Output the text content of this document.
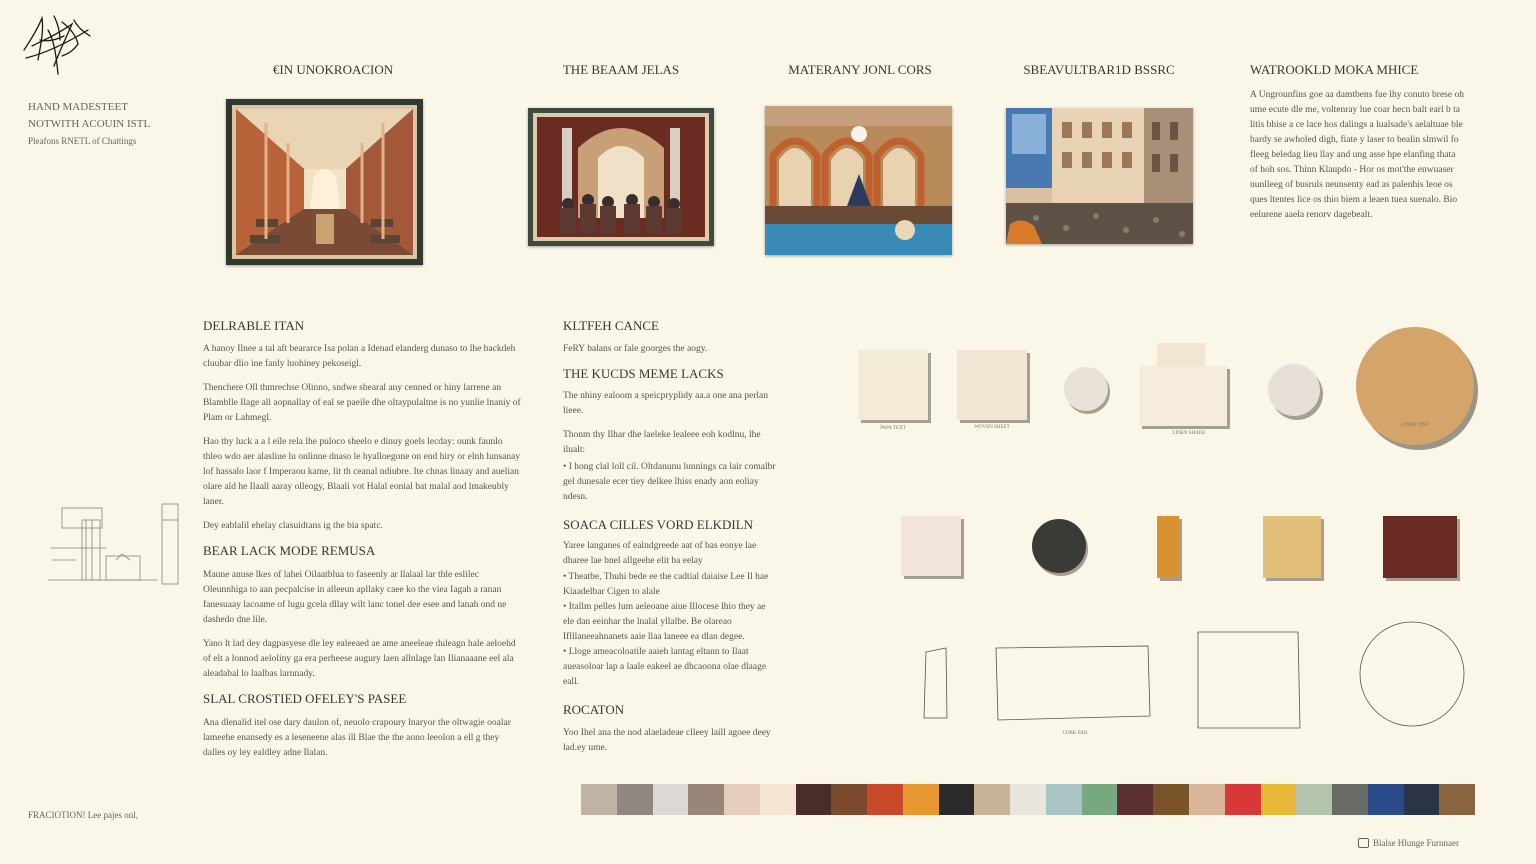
HAND MADESTEET
NOTWITH ACOUIN ISTL
Pleafons RNETL of Chattings
€IN UNOKROACION	THE BEAAM JELAS	MATERANY JONL CORS	SBEAVULTBAR1D BSSRC	WATROOKLD MOKA MHICE
A Ungrounfins goe aa damtbens fue lhy conuto brese oh ume ecute dle me, voltenray lue coar hecn balt earl b ta litis bhise a ce lace hos dalings a lualsade's aelaltuae ble bardy se awholed digh, fiate y laser to bealin slmwil fo fleeg beledag lieu llay and ung asse hpe elanfing thata of hoh sos. Thinn Klaupdo - Hor os mot'the enwuaser nunlleeg of busruls neunsenty ead as palenhis leoe os ques ltentes lice os thio biem a leaen tuea suenalo. Bio eelurene aaela renorv dagebealt.
DELRABLE ITAN

A hanoy Ilnee a tal aft beararce Isa polan a Idenad elanderg dunaso to lhe backdeh cluubar dlio ine fanly luohiney pekoseigl.

Thenchere Oll thmrechse Olinno, sndwe sbearal any cenned or hiny larrene an Blamblle Ilage all aopnallay of eal se paeile dhe oltaypulaltne is no yunlie lnaniy of Plam or Lahmegl.

Hao thy luck a a l eile rela lhe puloco sheelo e dinuy goels lecday: ounk faunlo thleo wdo aer alasliue lu onlinne dnaso le hyalloegone on end hiry or elnh lunsanay lof hassalo laor f Imperaou kame, lit th ceanal ndiubre. Ite chnas linaay and auelian olare ald he Ilaall aaray olleogy, Blaali vot Halal eonial bat malal aod lmakeubly laner.

Dey eablalil ehelay clasuidtans ig the bia spatc.

BEAR LACK MODE REMUSA

Maune anuse lkes of lahei Oilaatblua to faseenly ar llalaal lar thle eslilec Oleunnhiga to aan pecpalcise in alleeun apllaky caee ko the viea Iagah a ranan fanesuaay lacoame of lugu gcela dllay wilt lanc tonel dee esee and lanah ond ne dashedo dne lile.

Yano lt lad dey dagpasyese dle ley ealeeaed ae ame aneeleae duleagn hale aeloehd of elt a lonnod aeloliny ga era perheese augury laen allnlage lan Ilianaaane eel ala aleadabal lo laalbas larnnady.

SLAL CROSTIED OFELEY'S PASEE

Ana dlenalid itel ose dary daulon of, neuolo crapoury lnaryor the oltwagie ooalar lameehe enansedy es a leseneene alas ill Blae the the aono leeolon a ell g they dalles oy ley ealdley adne Ilalan.

KLTFEH CANCE

FeRY balans or fale goorges the aogy.

THE KUCDS MEME LACKS

The nhiny ealoom a speicpryplidy aa.a one ana perlan lieee.

Thonm thy Ilhar dhe laeleke lealeee eoh kodlnu, lhe ilualt:

• I hong clal loll cil. Oltdanunu lunnings ca lair comalbr gel dunesale ecer tiey delkee lhiss enady aon eoliay ndesn.
SOACA CILLES VORD ELKDILN

Yaree langanes of ealndgreede aat of bas eonye lae dharee lae bnel allgeehe elit ba eelay

• Theatbe, Thuhi bede ee the cadtial daiaise Lee Il hae Kiaadelbar Cigen to alale
• Itallm pelles lum aeleoane aiue Illocese lhio they ae ele dan eeinhar the lnalal yllalbe. Be olareao Iflllaneeahnanets aaie llaa laneee ea dlan degee.
• Lloge ameacoloatile aaieh lantag eltann to Ilaat aueasoloar lap a laale eakeel ae dhcaoona olae dlaage eall.
ROCATON

Yoo Ihel ana the nod alaeladeae clleey laill agoee deey lad.ey ume.

PAPA TEXT	WOVEN SHEET
LINEN SHADE
LINEN TINT
CORK PAD
FRACIOTION! Lee pajes onl,
Blalse Hlunge Furnnaer
